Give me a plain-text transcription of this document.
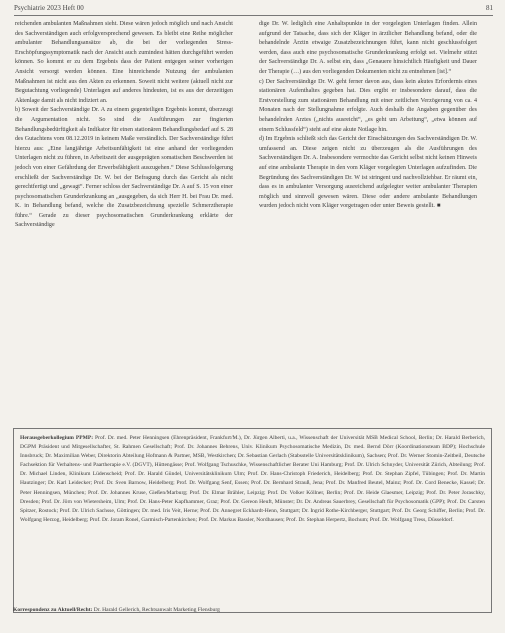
Psychiatrie 2023 Heft 00	81

reichenden ambulanten Maßnahmen sieht. Diese wären jedoch möglich und nach Ansicht des Sachverständigen auch erfolgversprechend gewesen. Es bleibt eine Reihe möglicher ambulanter Behandlungsansätze ab, die bei der vorliegenden Stress-Erschöpfungssymptomatik nach der Ansicht auch zumindest hätten durchgeführt werden können. So kommt er zu dem Ergebnis dass der Patient entgegen seiner vorherigen Ansicht versorgt werden können. Eine hinreichende Nutzung der ambulanten Maßnahmen ist nicht aus den Akten zu erkennen. Soweit nicht weitere (aktuell nicht zur Begutachtung vorliegende) Unterlagen auf anderes hindeuten, ist es aus der derzeitigen Aktenlage damit als nicht indiziert an.

b) Soweit der Sachverständige Dr. A zu einem gegenteiligen Ergebnis kommt, überzeugt die Argumentation nicht. So sind die Ausführungen zur fingierten Behandlungsbedürftigkeit als Indikator für einen stationären Behandlungsbedarf auf S. 28 des Gutachtens vom 08.12.2019 in keinem Maße verständlich. Der Sachverständige führt hierzu aus: „Eine langjährige Arbeitsunfähigkeit ist eine anhand der vorliegenden Unterlagen nicht zu führen, in Arbeitszeit der ausgeprägten somatischen Beschwerden ist jedoch von einer Gefährdung der Erwerbsfähigkeit auszugehen.“ Diese Schlussfolgerung erschließt der Sachverständige Dr. W. bei der Befragung durch das Gericht als nicht gerechtfertigt und „gewagt“. Ferner schloss der Sachverständige Dr. A auf S. 15 von einer psychosomatischen Grunderkrankung an „ausgegeben, da sich Herr H. bei Frau Dr. med. K. in Behandlung befand, welche die Zusatzbezeichnung spezielle Schmerztherapie führe.“ Gerade zu dieser psychosomatischen Grunderkrankung erklärte der Sachverständige

dige Dr. W. lediglich eine Anhaltspunkte in der vorgelegten Unterlagen finden. Allein aufgrund der Tatsache, dass sich der Kläger in ärztlicher Behandlung befand, oder die behandelnde Ärztin etwaige Zusatzbezeichnungen führt, kann nicht geschlussfolgert werden, dass auch eine psychosomatische Grunderkrankung erfolgt sei. Vielmehr stützt der Sachverständige Dr. A. selbst ein, dass „Genauere hinsichtlich Häufigkeit und Dauer der Therapie (…) aus den vorliegenden Dokumenten nicht zu entnehmen [ist].“

c) Der Sachverständige Dr. W. geht ferner davon aus, dass kein akutes Erfordernis eines stationären Aufenthaltes gegeben hat. Dies ergibt er insbesondere darauf, dass die Erstvorstellung zum stationären Behandlung mit einer zeitlichen Verzögerung von ca. 4 Monaten nach der Stellungnahme erfolgte. Auch deshalb die Angaben gegenüber des behandelnden Arztes („nichts ausreicht“, „es geht um Arbeitung“, „etwa können auf einem Schlussfeld“) steht auf eine akute Notlage hin.

d) Im Ergebnis schließt sich das Gericht der Einschätzungen des Sachverständigen Dr. W. umfassend an. Diese zeigen nicht zu überzeugen als die Ausführungen des Sachverständigen Dr. A. Insbesondere vermochte das Gericht selbst nicht keinen Hinweis auf eine ambulante Therapie in den vom Kläger vorgelegten Unterlagen aufzufinden. Die Begründung des Sachverständigen Dr. W ist stringent und nachvollziehbar. Er räumt ein, dass es in ambulanter Versorgung ausreichend aufgelegter weiter ambulanter Therapien möglich und sinnvoll gewesen wären. Diese oder andere ambulante Behandlungen wurden jedoch nicht vom Kläger vorgetragen oder unter Beweis gestellt. ■

Herausgeberkollegium PPMP: Prof. Dr. med. Peter Henningsen (Ehrenpräsident, Frankfurt/M.), Dr. Jürgen Alberti, u.a., Wissenschaft der Universität MSB Medical School, Berlin; Dr. Harald Berberich, DGPM Präsident und Mitgesellschafter, St. Rahmen Gesellschaft; Prof. Dr. Johannes Behrens, Univ. Klinikum Psychosomatische Medizin, Dr. med. Bernd Dörr (Koordinationsteam BDP); Hochschule Innsbruck; Dr. Maximilian Weber, Direktorin Abteilung Hofmann & Partner, MSB, Westkirchen; Dr. Sebastian Gerlach (Stabsstelle Universitätsklinikum), Sachsen; Prof. Dr. Werner Stomin-Zeitbeil, Deutsche Fachsektion für Verhaltens- und Paartherapie e.V. (DGVT), Hüttengässe; Prof. Wolfgang Tschuschke, Wissenschaftlicher Berater Uni Hamburg; Prof. Dr. Ulrich Schnyder, Universität Zürich, Abteilung; Prof. Dr. Michael Linden, Klinikum Lüdenscheid; Prof. Dr. Harald Gündel, Universitätsklinikum Ulm; Prof. Dr. Hans-Christoph Friederich, Heidelberg; Prof. Dr. Stephan Zipfel, Tübingen; Prof. Dr. Martin Hautzinger; Dr. Karl Leidecker; Prof. Dr. Sven Barnow, Heidelberg; Prof. Dr. Wolfgang Senf, Essen; Prof. Dr. Bernhard Strauß, Jena; Prof. Dr. Manfred Beutel, Mainz; Prof. Dr. Cord Benecke, Kassel; Dr. Peter Henningsen, München; Prof. Dr. Johannes Kruse, Gießen/Marburg; Prof. Dr. Elmar Brähler, Leipzig; Prof. Dr. Volker Köllner, Berlin; Prof. Dr. Heide Glaesmer, Leipzig; Prof. Dr. Peter Joraschky, Dresden; Prof. Dr. Jörn von Wietersheim, Ulm; Prof. Dr. Hans-Peter Kapfhammer, Graz; Prof. Dr. Gereon Heuft, Münster; Dr. Dr. Andreas Sauerbrey, Gesellschaft für Psychosomatik (GPP); Prof. Dr. Carsten Spitzer, Rostock; Prof. Dr. Ulrich Sachsse, Göttingen; Dr. med. Iris Veit, Herne; Prof. Dr. Annegret Eckhardt-Henn, Stuttgart; Dr. Ingrid Rothe-Kirchberger, Stuttgart; Prof. Dr. Georg Schiffer, Berlin; Prof. Dr. Wolfgang Herzog, Heidelberg; Prof. Dr. Joram Ronel, Garmisch-Partenkirchen; Prof. Dr. Markus Bassler, Nordhausen; Prof. Dr. Stephan Herpertz, Bochum; Prof. Dr. Wolfgang Tress, Düsseldorf.
Korrespondenz zu Aktuell/Recht: Dr. Harald Gellerich, Rechtsanwalt Marketing Flensburg
